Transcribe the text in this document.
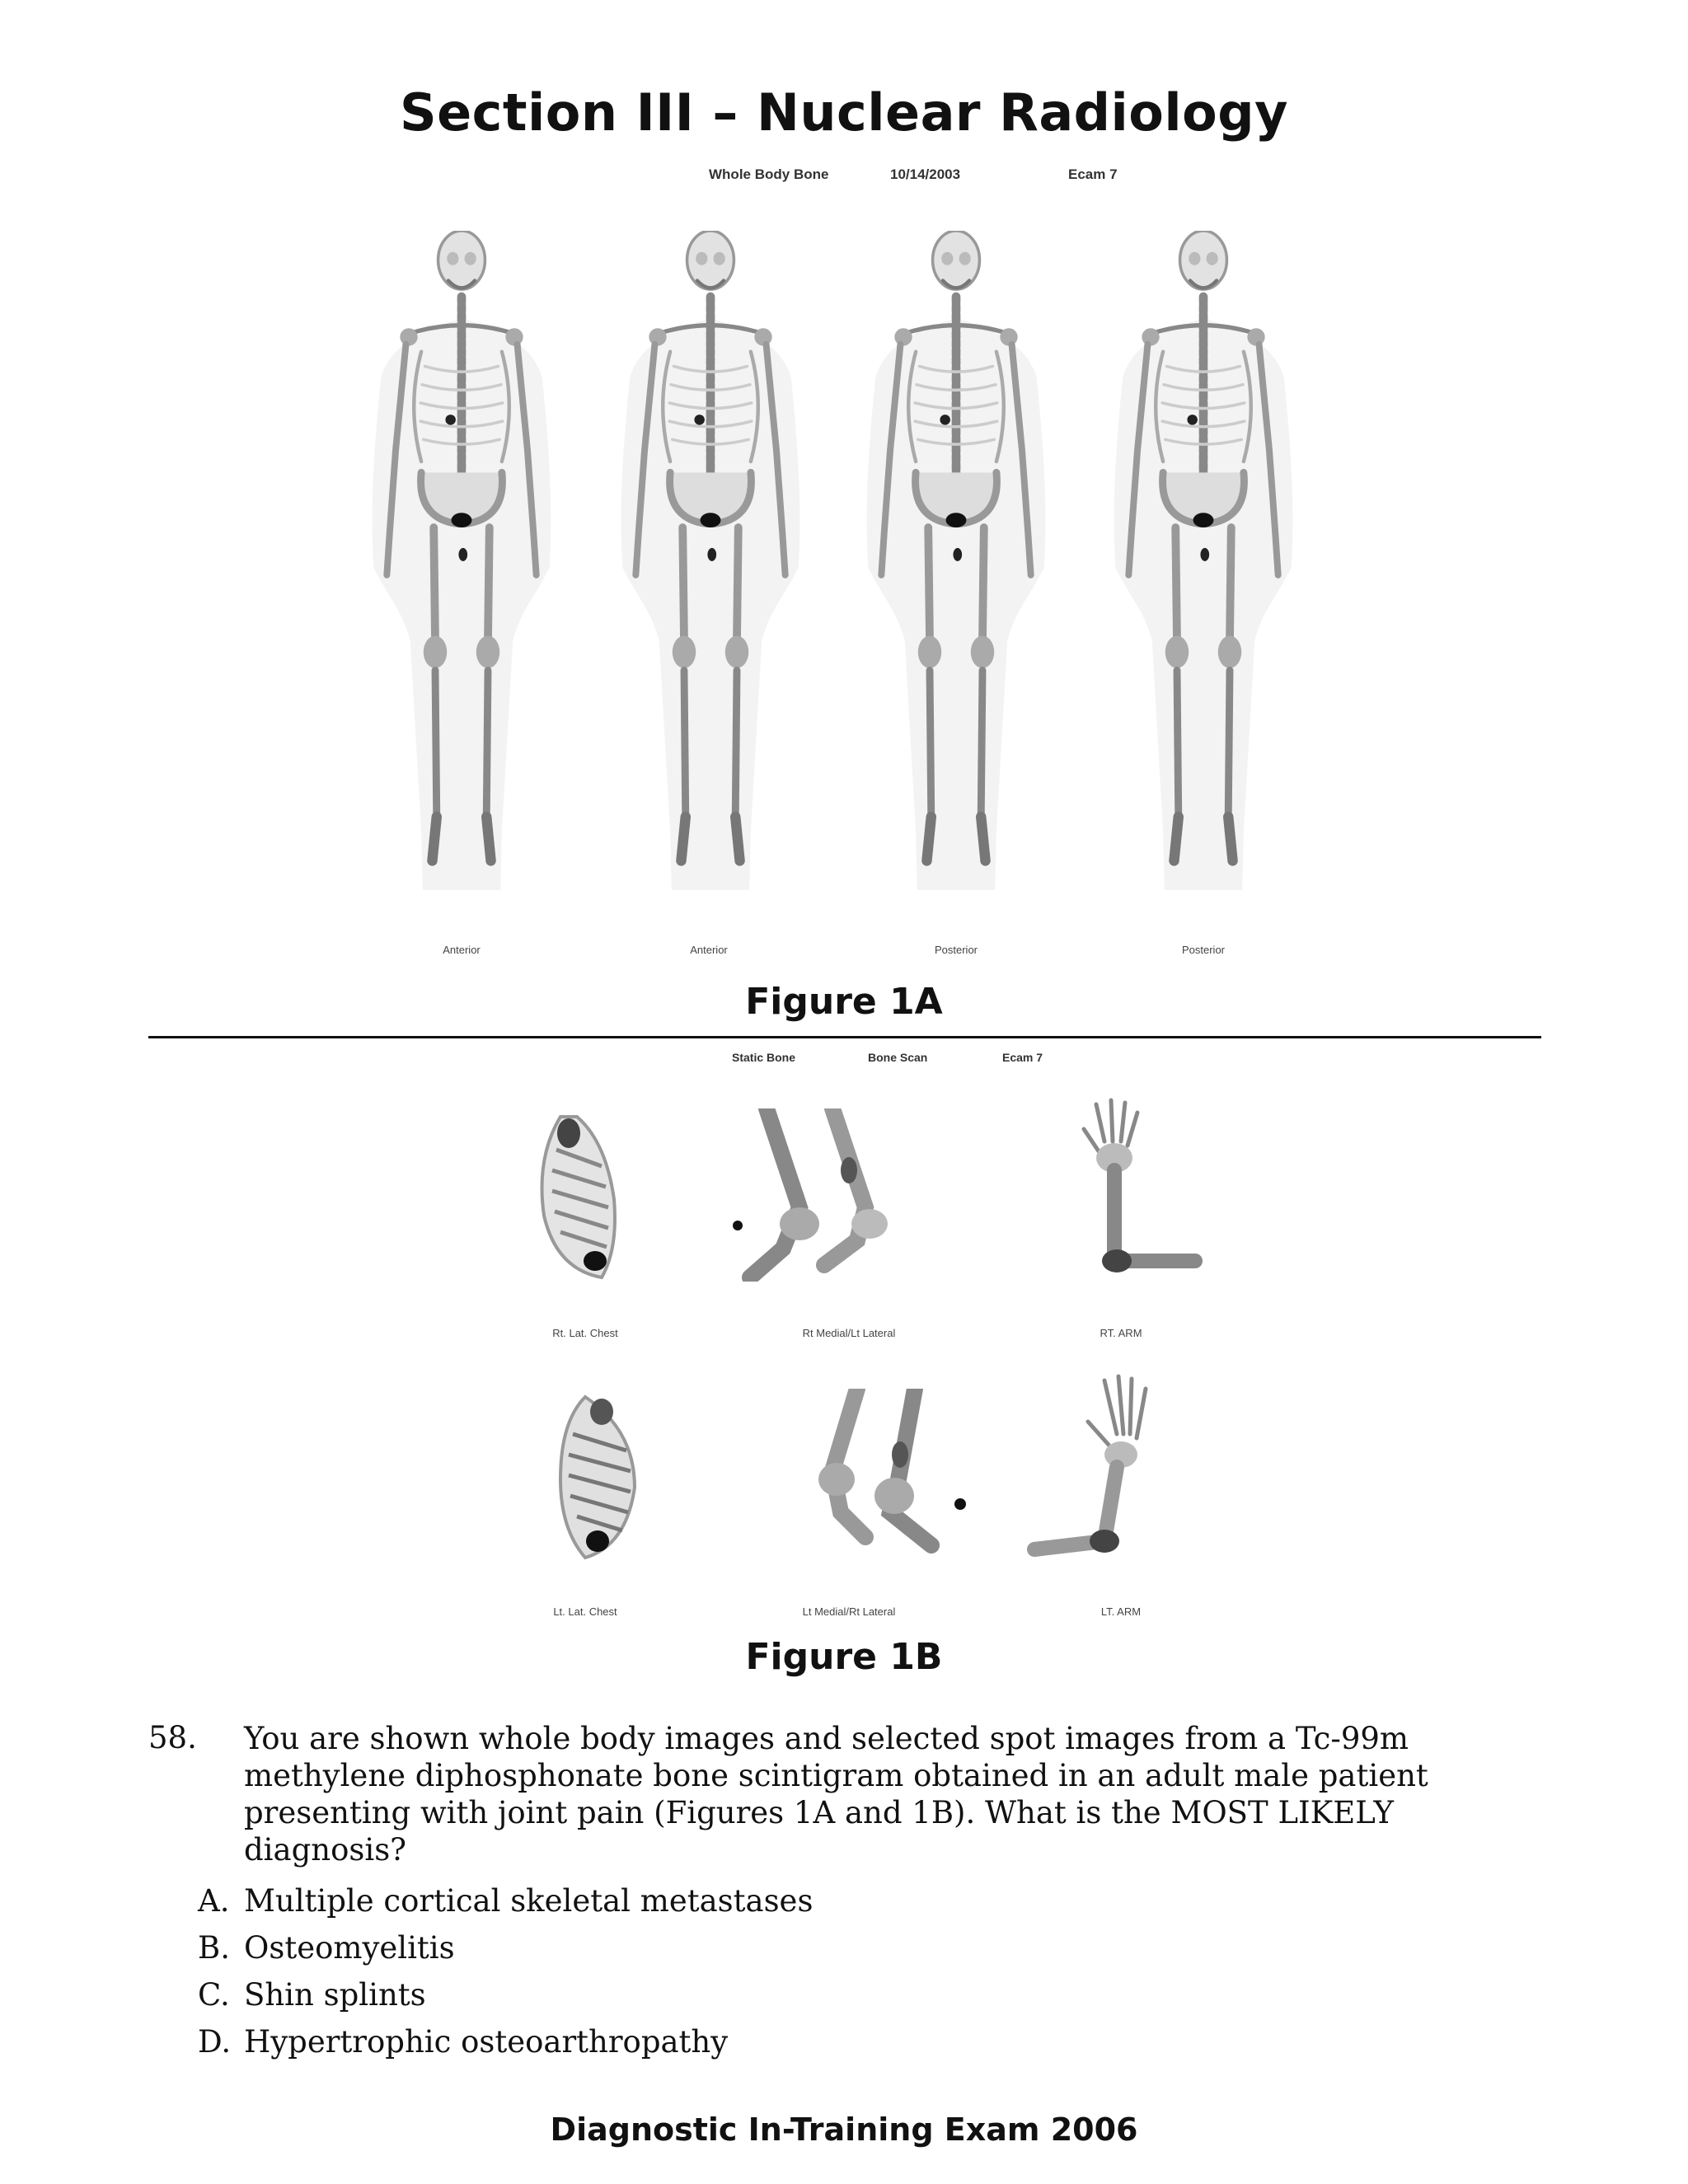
Section III – Nuclear Radiology
Whole Body Bone	10/14/2003	Ecam 7
Anterior	Anterior	Posterior	Posterior
Figure 1A
Static Bone	Bone Scan	Ecam 7
Rt. Lat. Chest	Rt Medial/Lt Lateral	RT. ARM
Lt. Lat. Chest	Lt Medial/Rt Lateral	LT. ARM
Figure 1B
58. You are shown whole body images and selected spot images from a Tc-99m methylene diphosphonate bone scintigram obtained in an adult male patient presenting with joint pain (Figures 1A and 1B). What is the MOST LIKELY diagnosis?
A. Multiple cortical skeletal metastases
B. Osteomyelitis
C. Shin splints
D. Hypertrophic osteoarthropathy
Diagnostic In-Training Exam 2006
